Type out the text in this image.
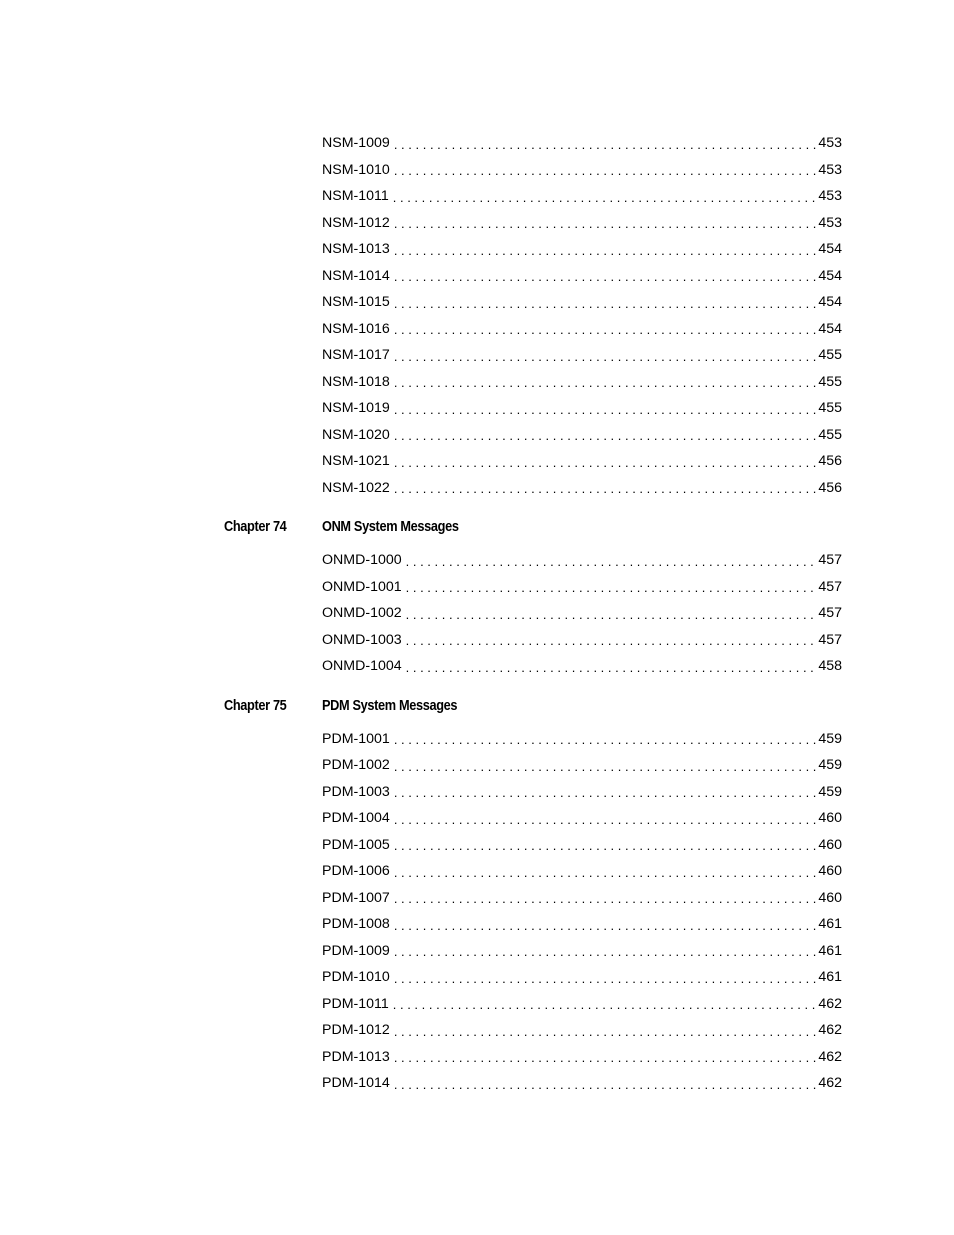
NSM-1009 . . .	453
NSM-1010 . . .	453
NSM-1011 . . .	453
NSM-1012 . . .	453
NSM-1013 . . .	454
NSM-1014 . . .	454
NSM-1015 . . .	454
NSM-1016 . . .	454
NSM-1017 . . .	455
NSM-1018 . . .	455
NSM-1019 . . .	455
NSM-1020 . . .	455
NSM-1021 . . .	456
NSM-1022 . . .	456
Chapter 74 ONM System Messages
ONMD-1000 . . .	457
ONMD-1001 . . .	457
ONMD-1002 . . .	457
ONMD-1003 . . .	457
ONMD-1004 . . .	458
Chapter 75 PDM System Messages
PDM-1001 . . .	459
PDM-1002 . . .	459
PDM-1003 . . .	459
PDM-1004 . . .	460
PDM-1005 . . .	460
PDM-1006 . . .	460
PDM-1007 . . .	460
PDM-1008 . . .	461
PDM-1009 . . .	461
PDM-1010 . . .	461
PDM-1011 . . .	462
PDM-1012 . . .	462
PDM-1013 . . .	462
PDM-1014 . . .	462
